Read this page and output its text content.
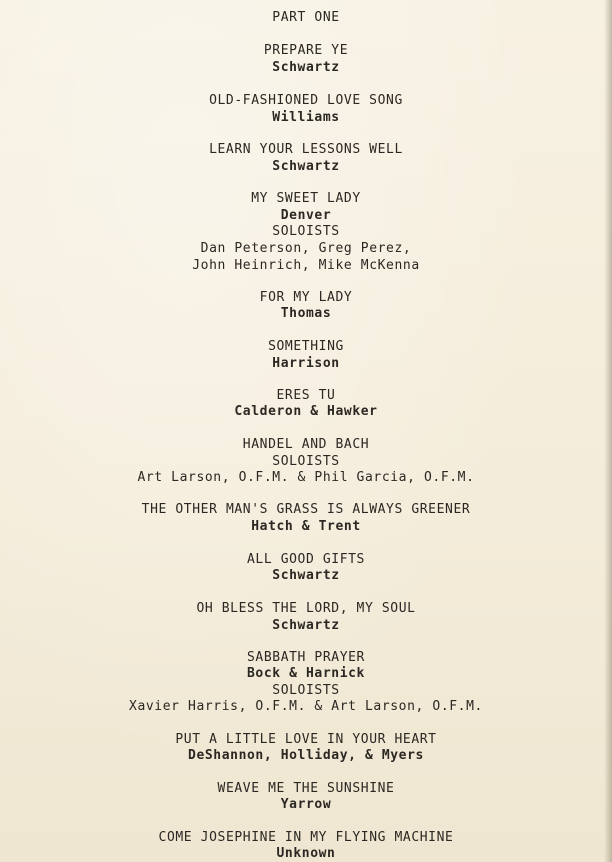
PART ONE
PREPARE YE
Schwartz
OLD-FASHIONED LOVE SONG
Williams
LEARN YOUR LESSONS WELL
Schwartz
MY SWEET LADY
Denver
SOLOISTS
Dan Peterson, Greg Perez,
John Heinrich, Mike McKenna
FOR MY LADY
Thomas
SOMETHING
Harrison
ERES TU
Calderon & Hawker
HANDEL AND BACH
SOLOISTS
Art Larson, O.F.M. & Phil Garcia, O.F.M.
THE OTHER MAN'S GRASS IS ALWAYS GREENER
Hatch & Trent
ALL GOOD GIFTS
Schwartz
OH BLESS THE LORD, MY SOUL
Schwartz
SABBATH PRAYER
Bock & Harnick
SOLOISTS
Xavier Harris, O.F.M. & Art Larson, O.F.M.
PUT A LITTLE LOVE IN YOUR HEART
DeShannon, Holliday, & Myers
WEAVE ME THE SUNSHINE
Yarrow
COME JOSEPHINE IN MY FLYING MACHINE
Unknown
